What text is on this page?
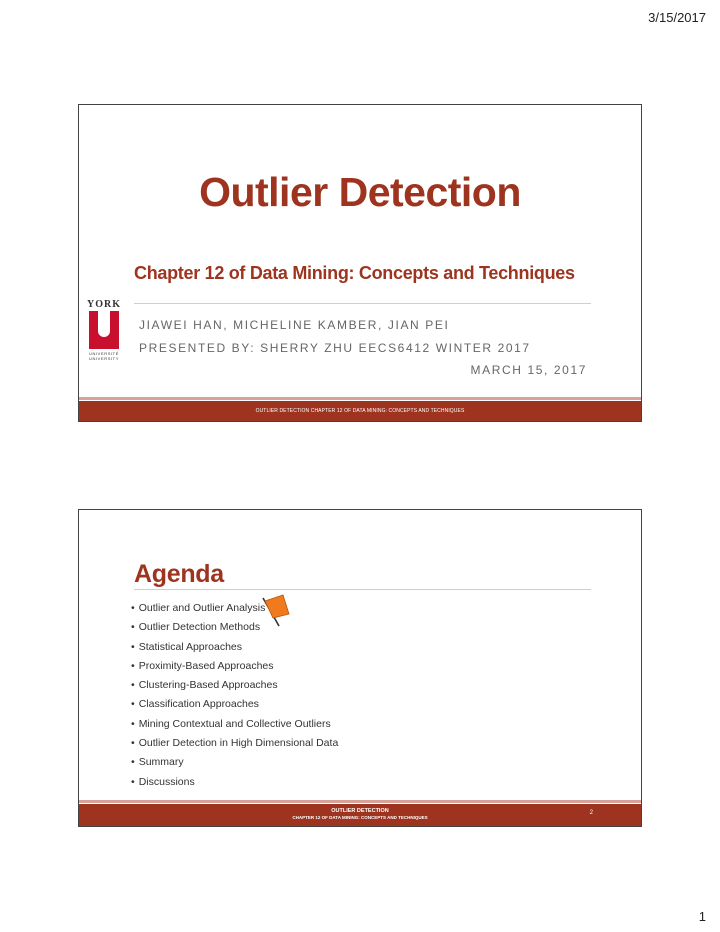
3/15/2017
Outlier Detection
Chapter 12 of Data Mining: Concepts and Techniques
YORK
UNIVERSITÉ
UNIVERSITY
JIAWEI HAN, MICHELINE KAMBER, JIAN PEI
PRESENTED BY: SHERRY ZHU EECS6412 WINTER 2017
MARCH 15, 2017
OUTLIER DETECTION CHAPTER 12 OF DATA MINING: CONCEPTS AND TECHNIQUES
Agenda
• Outlier and Outlier Analysis
• Outlier Detection Methods
• Statistical Approaches
• Proximity-Based Approaches
• Clustering-Based Approaches
• Classification Approaches
• Mining Contextual and Collective Outliers
• Outlier Detection in High Dimensional Data
• Summary
• Discussions
OUTLIER DETECTION
CHAPTER 12 OF DATA MINING: CONCEPTS AND TECHNIQUES
2
1
